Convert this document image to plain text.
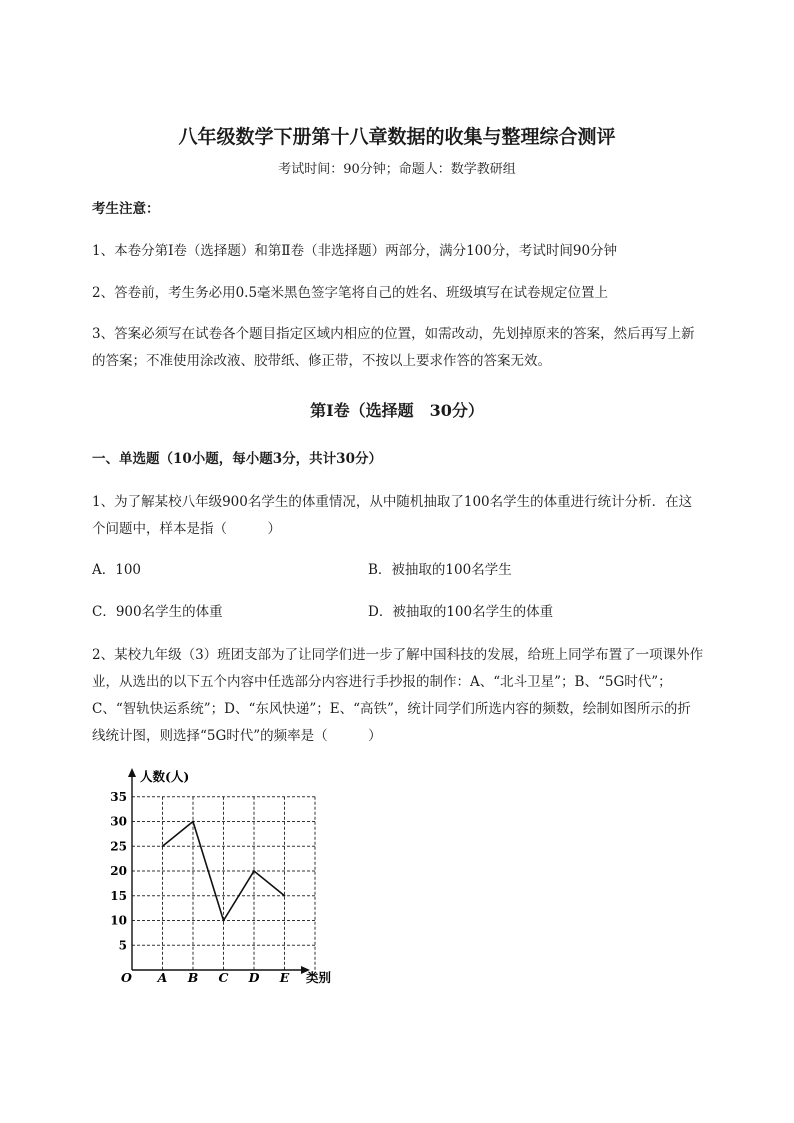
八年级数学下册第十八章数据的收集与整理综合测评
考试时间：90分钟；命题人：数学教研组
考生注意：
1、本卷分第Ⅰ卷（选择题）和第Ⅱ卷（非选择题）两部分，满分100分，考试时间90分钟
2、答卷前，考生务必用0.5毫米黑色签字笔将自己的姓名、班级填写在试卷规定位置上
3、答案必须写在试卷各个题目指定区域内相应的位置，如需改动，先划掉原来的答案，然后再写上新的答案；不准使用涂改液、胶带纸、修正带，不按以上要求作答的答案无效。
第Ⅰ卷（选择题　30分）
一、单选题（10小题，每小题3分，共计30分）
1、为了解某校八年级900名学生的体重情况，从中随机抽取了100名学生的体重进行统计分析．在这个问题中，样本是指（　　　）
A．100	B．被抽取的100名学生
C．900名学生的体重	D．被抽取的100名学生的体重
2、某校九年级（3）班团支部为了让同学们进一步了解中国科技的发展，给班上同学布置了一项课外作业，从选出的以下五个内容中任选部分内容进行手抄报的制作：A、“北斗卫星”；B、“5G时代”；C、“智轨快运系统”；D、“东风快递”；E、“高铁”，统计同学们所选内容的频数，绘制如图所示的折线统计图，则选择“5G时代”的频率是（　　　）
5
10
15
20
25
30
35
A B C D E
人数(人)
类别
O
